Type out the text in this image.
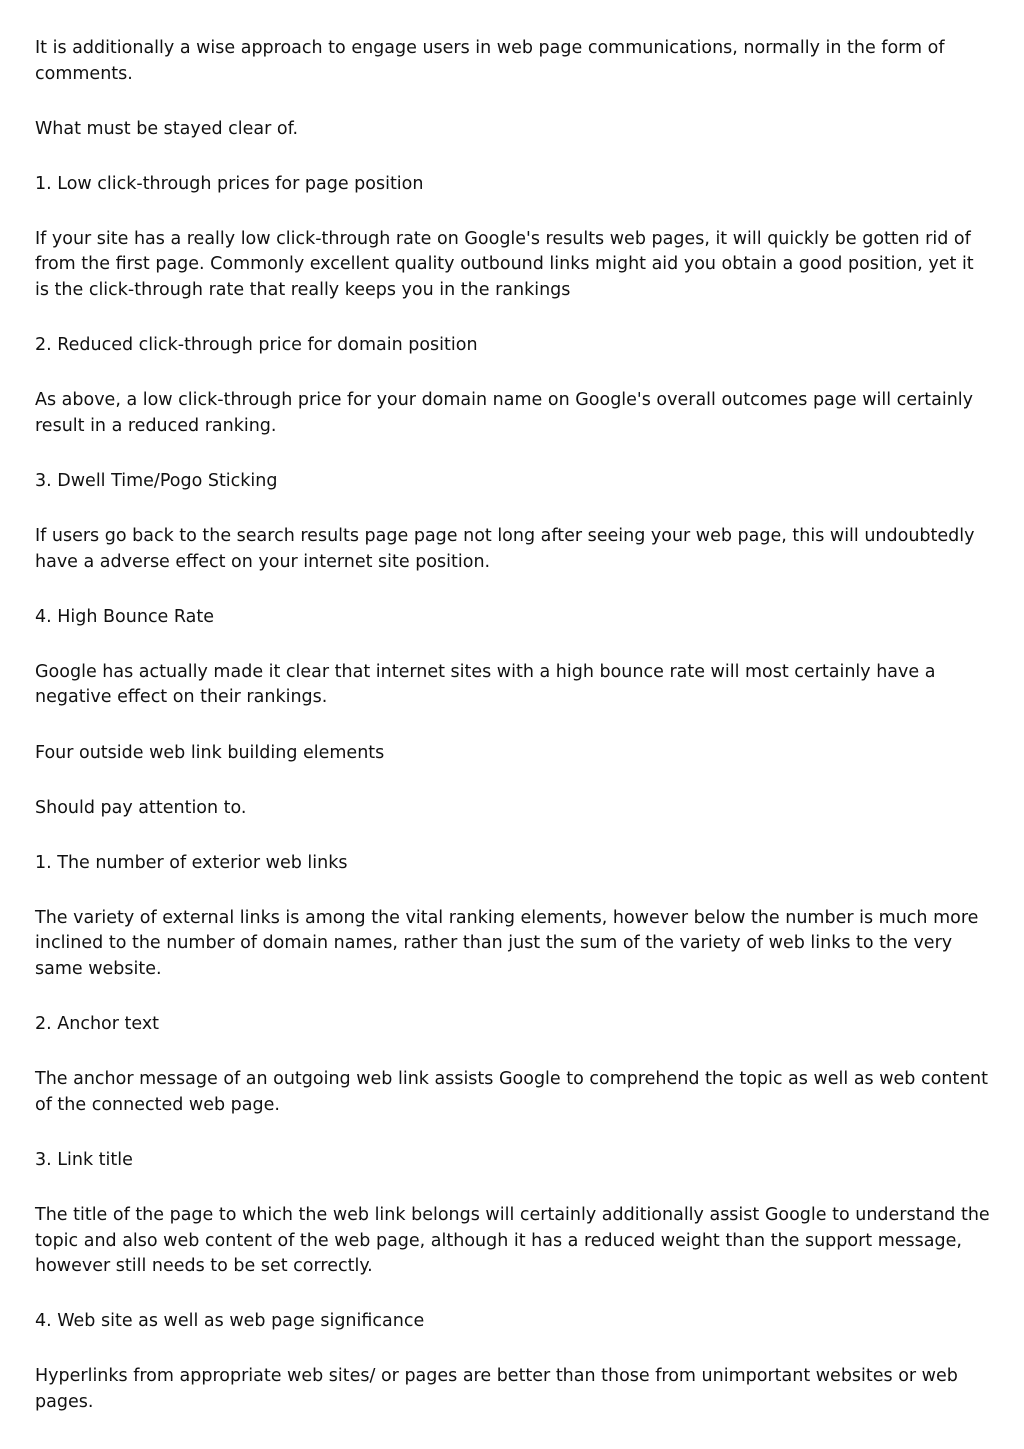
It is additionally a wise approach to engage users in web page communications, normally in the form of comments.

What must be stayed clear of.

1. Low click-through prices for page position

If your site has a really low click-through rate on Google's results web pages, it will quickly be gotten rid of from the first page. Commonly excellent quality outbound links might aid you obtain a good position, yet it is the click-through rate that really keeps you in the rankings

2. Reduced click-through price for domain position

As above, a low click-through price for your domain name on Google's overall outcomes page will certainly result in a reduced ranking.

3. Dwell Time/Pogo Sticking

If users go back to the search results page page not long after seeing your web page, this will undoubtedly have a adverse effect on your internet site position.

4. High Bounce Rate

Google has actually made it clear that internet sites with a high bounce rate will most certainly have a negative effect on their rankings.

Four outside web link building elements

Should pay attention to.

1. The number of exterior web links

The variety of external links is among the vital ranking elements, however below the number is much more inclined to the number of domain names, rather than just the sum of the variety of web links to the very same website.

2. Anchor text

The anchor message of an outgoing web link assists Google to comprehend the topic as well as web content of the connected web page.

3. Link title

The title of the page to which the web link belongs will certainly additionally assist Google to understand the topic and also web content of the web page, although it has a reduced weight than the support message, however still needs to be set correctly.

4. Web site as well as web page significance

Hyperlinks from appropriate web sites/ or pages are better than those from unimportant websites or web pages.
